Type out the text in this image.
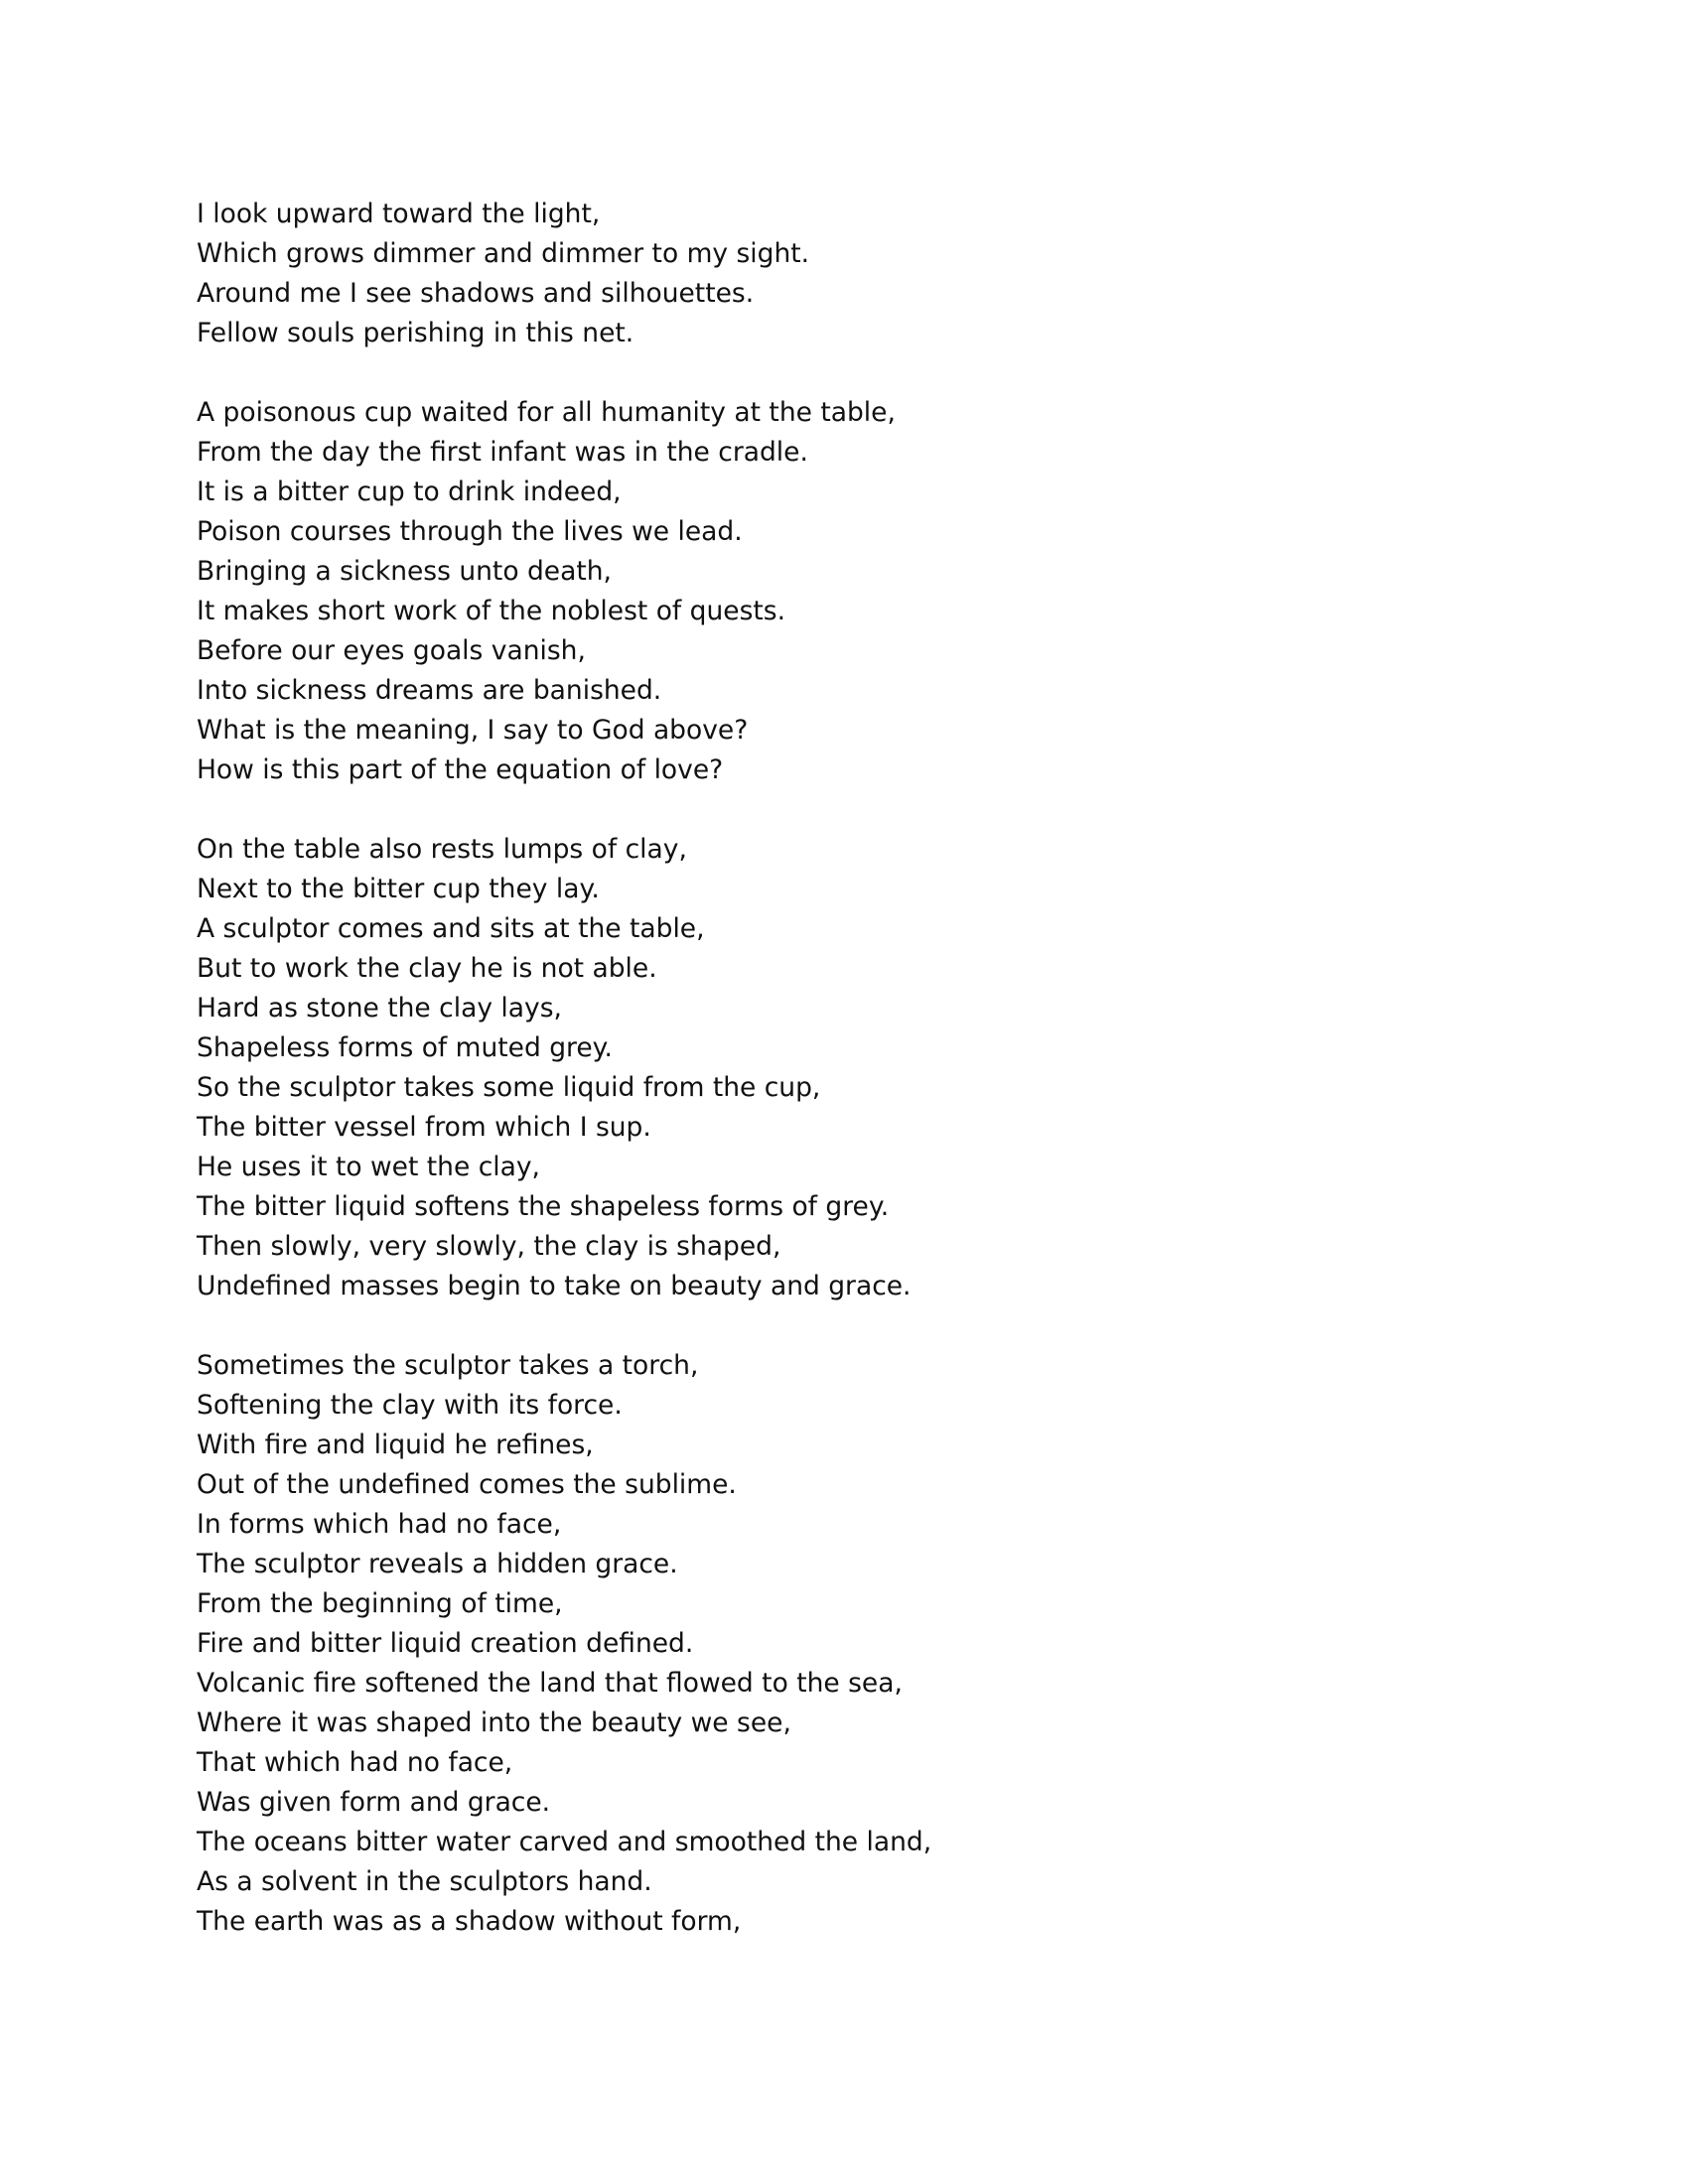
I look upward toward the light,
Which grows dimmer and dimmer to my sight.
Around me I see shadows and silhouettes.
Fellow souls perishing in this net.
A poisonous cup waited for all humanity at the table,
From the day the first infant was in the cradle.
It is a bitter cup to drink indeed,
Poison courses through the lives we lead.
Bringing a sickness unto death,
It makes short work of the noblest of quests.
Before our eyes goals vanish,
Into sickness dreams are banished.
What is the meaning, I say to God above?
How is this part of the equation of love?
On the table also rests lumps of clay,
Next to the bitter cup they lay.
A sculptor comes and sits at the table,
But to work the clay he is not able.
Hard as stone the clay lays,
Shapeless forms of muted grey.
So the sculptor takes some liquid from the cup,
The bitter vessel from which I sup.
He uses it to wet the clay,
The bitter liquid softens the shapeless forms of grey.
Then slowly, very slowly, the clay is shaped,
Undefined masses begin to take on beauty and grace.
Sometimes the sculptor takes a torch,
Softening the clay with its force.
With fire and liquid he refines,
Out of the undefined comes the sublime.
In forms which had no face,
The sculptor reveals a hidden grace.
From the beginning of time,
Fire and bitter liquid creation defined.
Volcanic fire softened the land that flowed to the sea,
Where it was shaped into the beauty we see,
That which had no face,
Was given form and grace.
The oceans bitter water carved and smoothed the land,
As a solvent in the sculptors hand.
The earth was as a shadow without form,
